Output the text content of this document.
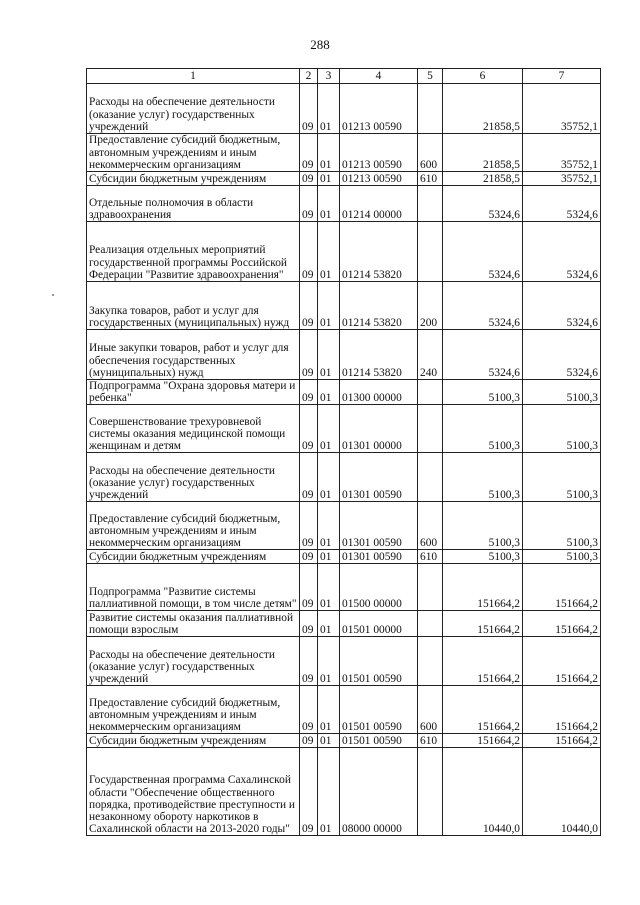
288
1	2	3	4	5	6	7
Расходы на обеспечение деятельности (оказание услуг) государственных учреждений	09	01	01213 00590		21858,5	35752,1
Предоставление субсидий бюджетным, автономным учреждениям и иным некоммерческим организациям	09	01	01213 00590	600	21858,5	35752,1
Субсидии бюджетным учреждениям	09	01	01213 00590	610	21858,5	35752,1
Отдельные полномочия в области здравоохранения	09	01	01214 00000		5324,6	5324,6
Реализация отдельных мероприятий государственной программы Российской Федерации "Развитие здравоохранения"	09	01	01214 53820		5324,6	5324,6
Закупка товаров, работ и услуг для государственных (муниципальных) нужд	09	01	01214 53820	200	5324,6	5324,6
Иные закупки товаров, работ и услуг для обеспечения государственных (муниципальных) нужд	09	01	01214 53820	240	5324,6	5324,6
Подпрограмма "Охрана здоровья матери и ребенка"	09	01	01300 00000		5100,3	5100,3
Совершенствование трехуровневой системы оказания медицинской помощи женщинам и детям	09	01	01301 00000		5100,3	5100,3
Расходы на обеспечение деятельности (оказание услуг) государственных учреждений	09	01	01301 00590		5100,3	5100,3
Предоставление субсидий бюджетным, автономным учреждениям и иным некоммерческим организациям	09	01	01301 00590	600	5100,3	5100,3
Субсидии бюджетным учреждениям	09	01	01301 00590	610	5100,3	5100,3
Подпрограмма "Развитие системы паллиативной помощи, в том числе детям"	09	01	01500 00000		151664,2	151664,2
Развитие системы оказания паллиативной помощи взрослым	09	01	01501 00000		151664,2	151664,2
Расходы на обеспечение деятельности (оказание услуг) государственных учреждений	09	01	01501 00590		151664,2	151664,2
Предоставление субсидий бюджетным, автономным учреждениям и иным некоммерческим организациям	09	01	01501 00590	600	151664,2	151664,2
Субсидии бюджетным учреждениям	09	01	01501 00590	610	151664,2	151664,2
Государственная программа Сахалинской области "Обеспечение общественного порядка, противодействие преступности и незаконному обороту наркотиков в Сахалинской области на 2013-2020 годы"	09	01	08000 00000		10440,0	10440,0
